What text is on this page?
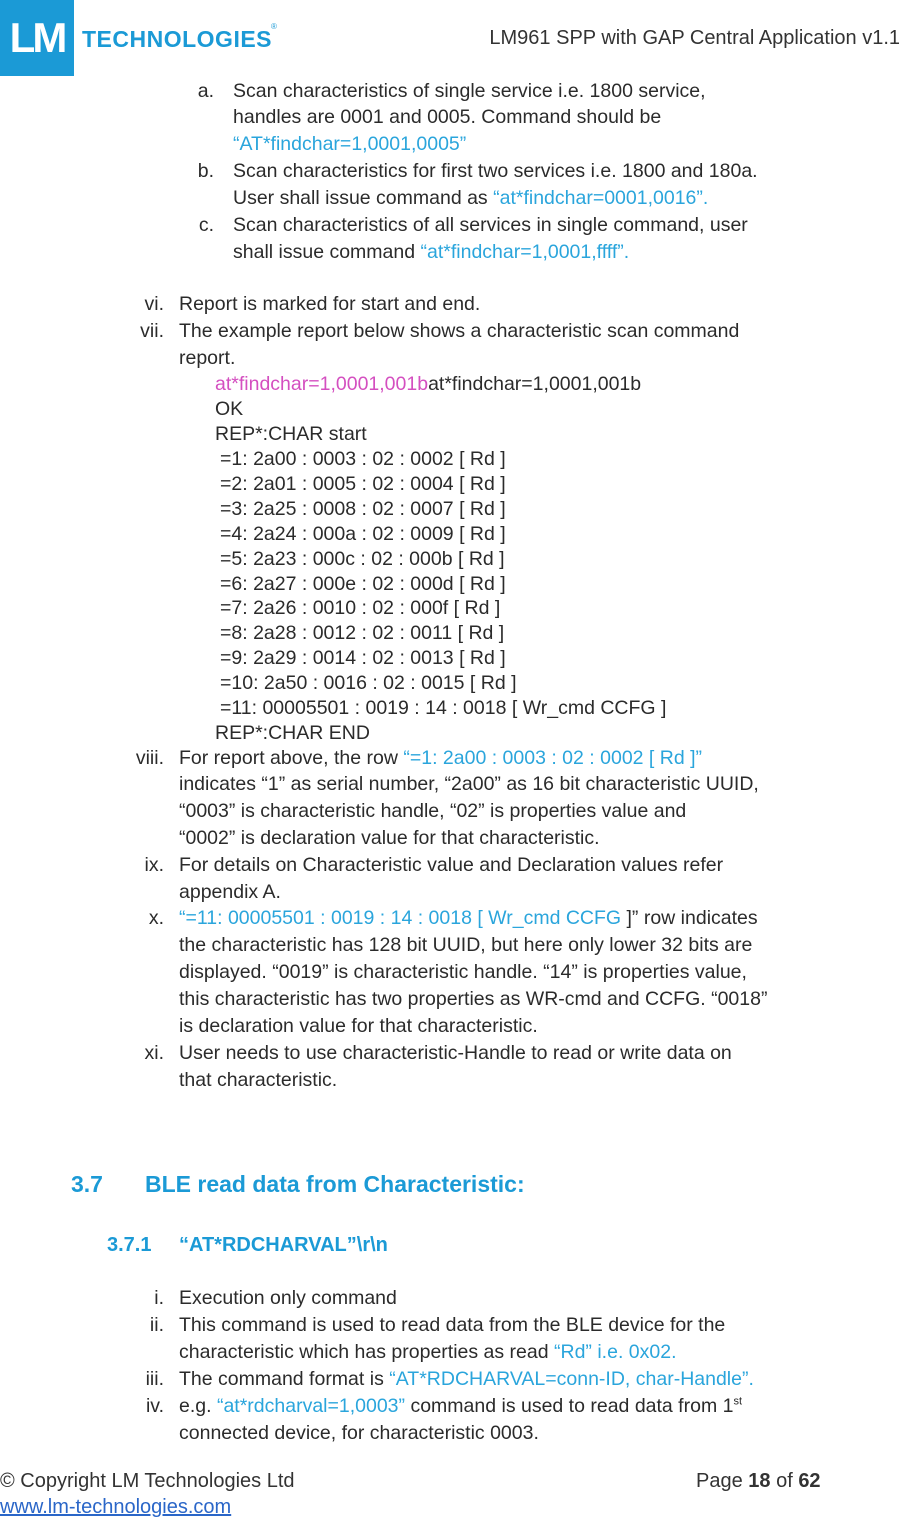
LM TECHNOLOGIES
®
LM961 SPP with GAP Central Application v1.1
a. Scan characteristics of single service i.e. 1800 service,
handles are 0001 and 0005. Command should be
“AT*findchar=1,0001,0005”
b. Scan characteristics for first two services i.e. 1800 and 180a.
User shall issue command as “at*findchar=0001,0016”.
c. Scan characteristics of all services in single command, user
shall issue command “at*findchar=1,0001,ffff”.
vi. Report is marked for start and end.
vii. The example report below shows a characteristic scan command
report.
at*findchar=1,0001,001bat*findchar=1,0001,001b
OK
REP*:CHAR start
=1: 2a00 : 0003 : 02 : 0002 [ Rd ]
=2: 2a01 : 0005 : 02 : 0004 [ Rd ]
=3: 2a25 : 0008 : 02 : 0007 [ Rd ]
=4: 2a24 : 000a : 02 : 0009 [ Rd ]
=5: 2a23 : 000c : 02 : 000b [ Rd ]
=6: 2a27 : 000e : 02 : 000d [ Rd ]
=7: 2a26 : 0010 : 02 : 000f [ Rd ]
=8: 2a28 : 0012 : 02 : 0011 [ Rd ]
=9: 2a29 : 0014 : 02 : 0013 [ Rd ]
=10: 2a50 : 0016 : 02 : 0015 [ Rd ]
=11: 00005501 : 0019 : 14 : 0018 [ Wr_cmd CCFG ]
REP*:CHAR END
viii. For report above, the row “=1: 2a00 : 0003 : 02 : 0002 [ Rd ]”
indicates “1” as serial number, “2a00” as 16 bit characteristic UUID,
“0003” is characteristic handle, “02” is properties value and
“0002” is declaration value for that characteristic.
ix. For details on Characteristic value and Declaration values refer
appendix A.
x. “=11: 00005501 : 0019 : 14 : 0018 [ Wr_cmd CCFG ]” row indicates
the characteristic has 128 bit UUID, but here only lower 32 bits are
displayed. “0019” is characteristic handle. “14” is properties value,
this characteristic has two properties as WR-cmd and CCFG. “0018”
is declaration value for that characteristic.
xi. User needs to use characteristic-Handle to read or write data on
that characteristic.
3.7 BLE read data from Characteristic:
3.7.1 “AT*RDCHARVAL”\r\n
i. Execution only command
ii. This command is used to read data from the BLE device for the
characteristic which has properties as read “Rd” i.e. 0x02.
iii. The command format is “AT*RDCHARVAL=conn-ID, char-Handle”.
iv. e.g. “at*rdcharval=1,0003” command is used to read data from 1st
connected device, for characteristic 0003.
© Copyright LM Technologies Ltd
www.lm-technologies.com
Page 18 of 62
